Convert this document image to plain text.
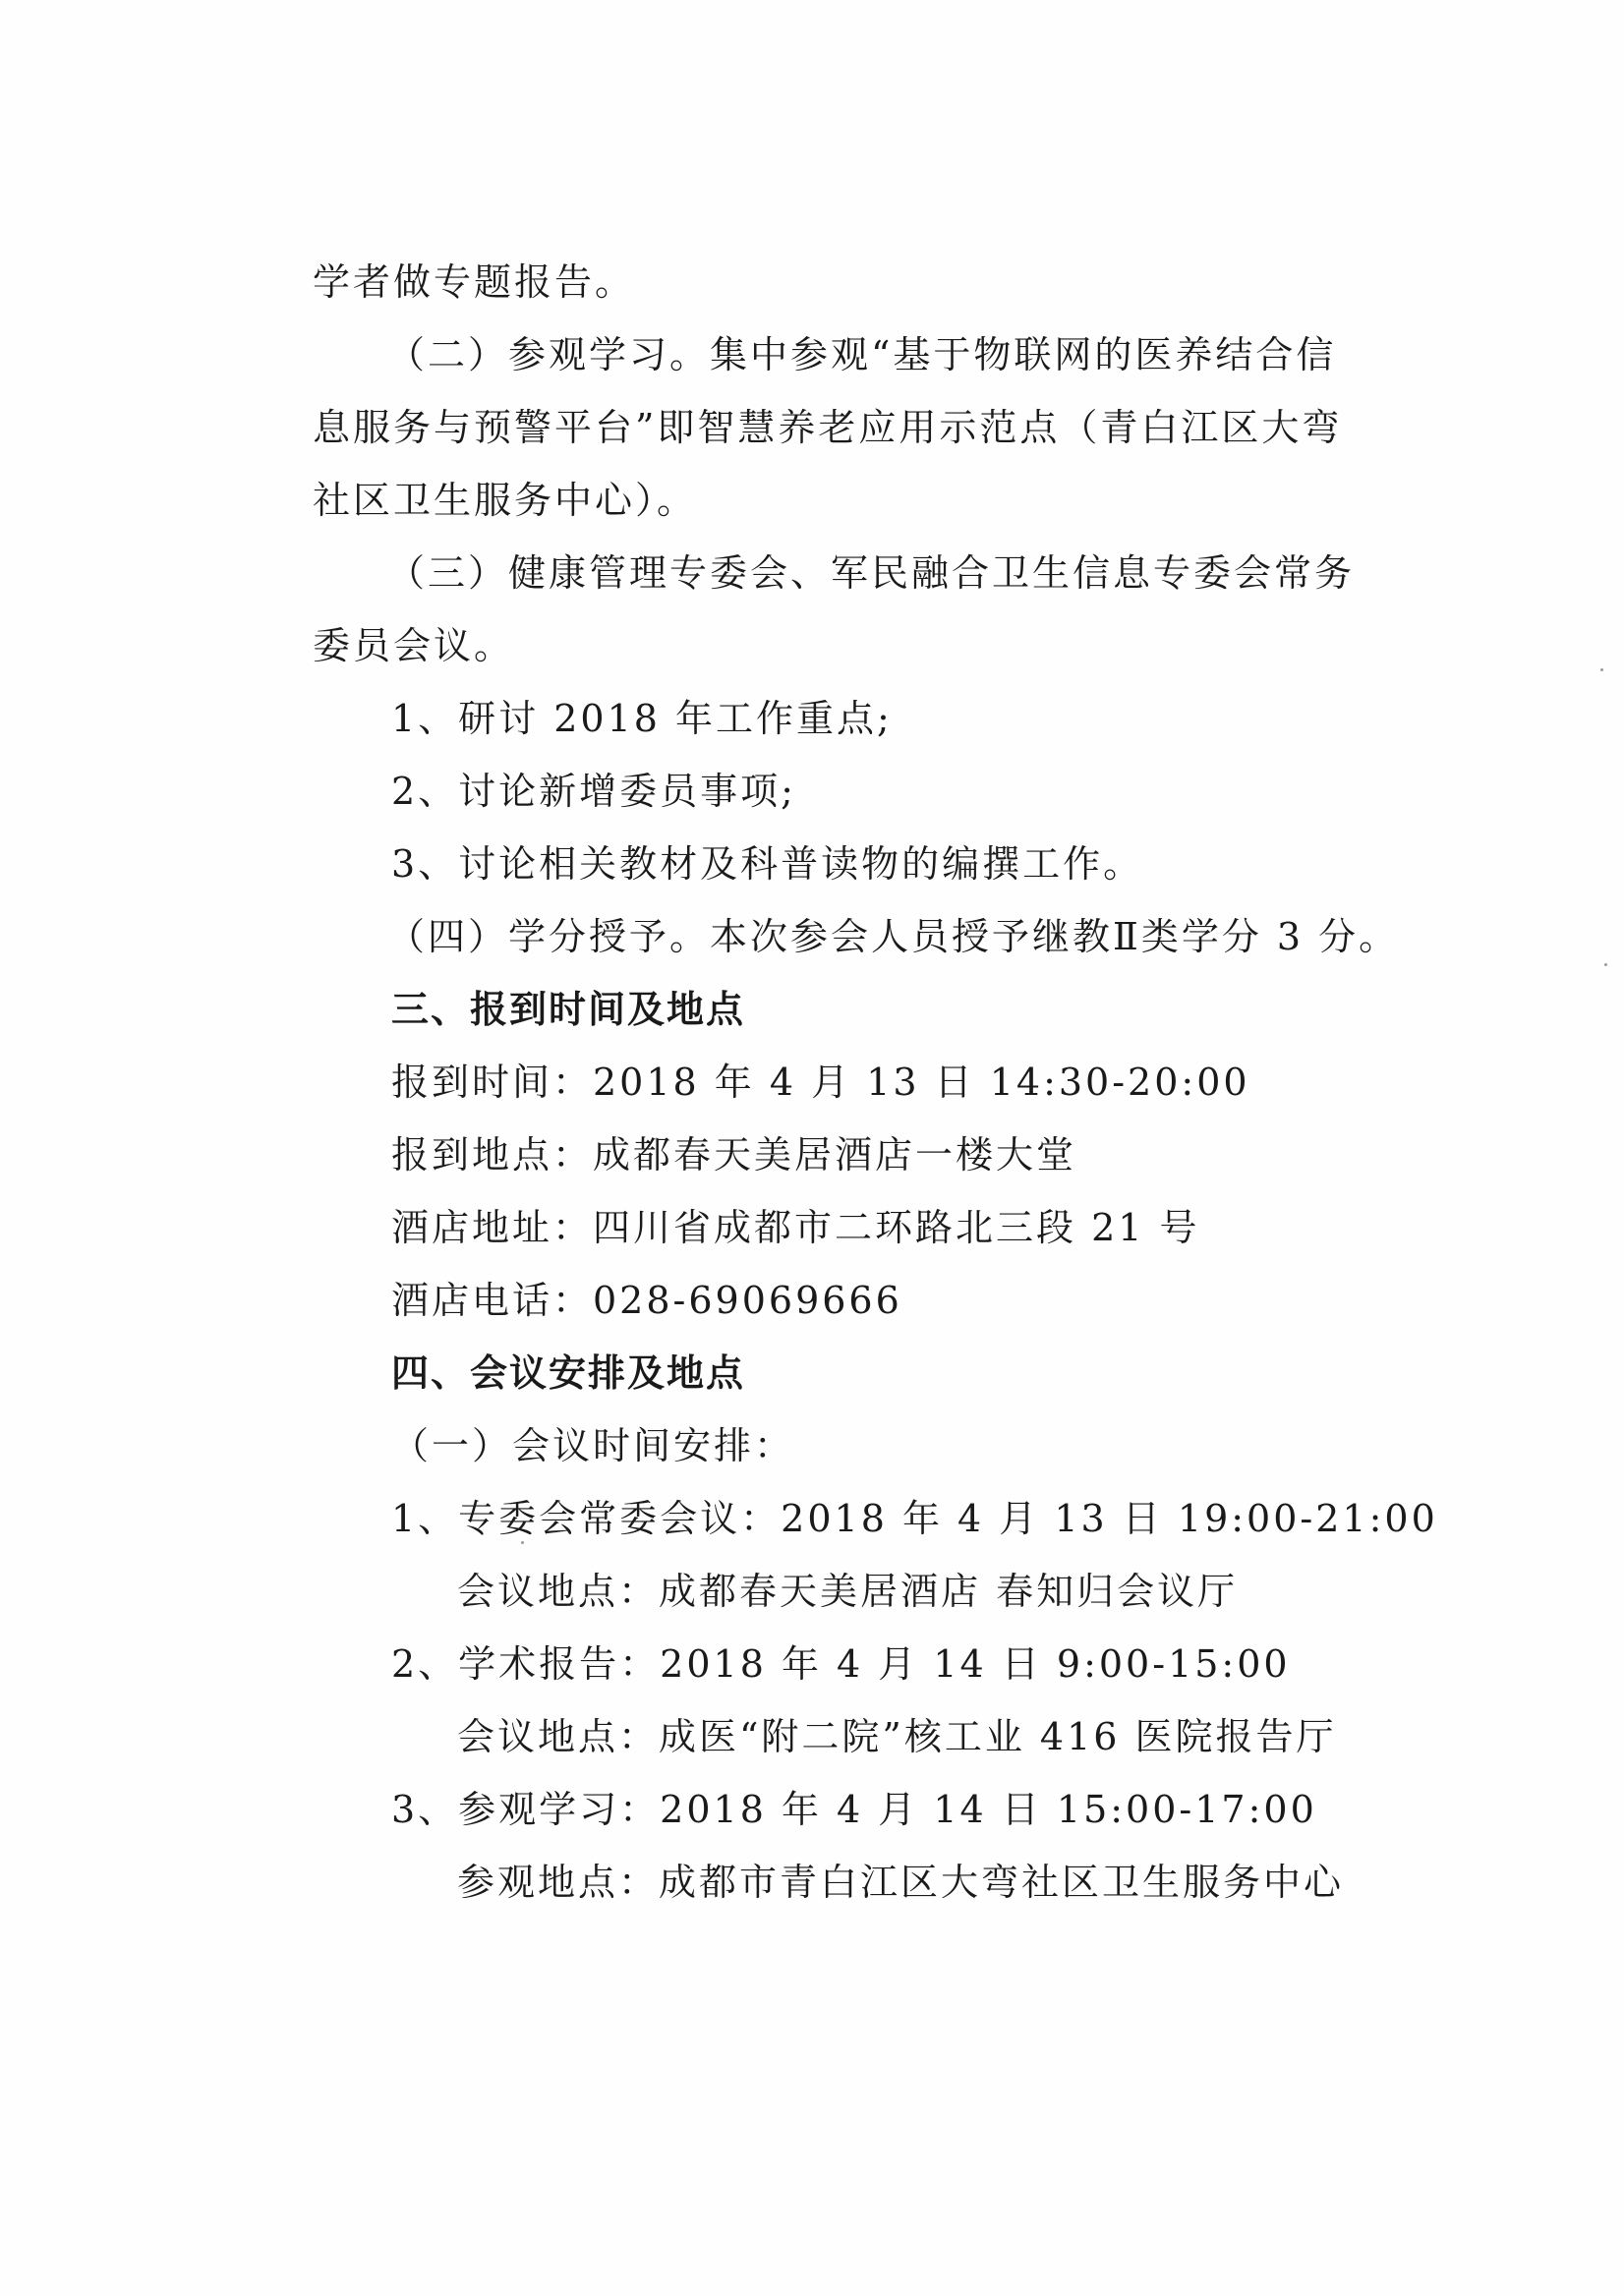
学者做专题报告。
（二）参观学习。集中参观“基于物联网的医养结合信
息服务与预警平台”即智慧养老应用示范点（青白江区大弯
社区卫生服务中心）。
（三）健康管理专委会、军民融合卫生信息专委会常务
委员会议。
1、研讨 2018 年工作重点;
2、讨论新增委员事项;
3、讨论相关教材及科普读物的编撰工作。
（四）学分授予。本次参会人员授予继教Ⅱ类学分 3 分。
三、报到时间及地点
报到时间：2018 年 4 月 13 日 14:30-20:00
报到地点：成都春天美居酒店一楼大堂
酒店地址：四川省成都市二环路北三段 21 号
酒店电话：028-69069666
四、会议安排及地点
（一）会议时间安排：
1、专委会常委会议：2018 年 4 月 13 日 19:00-21:00
会议地点：成都春天美居酒店 春知归会议厅
2、学术报告：2018 年 4 月 14 日 9:00-15:00
会议地点：成医“附二院”核工业 416 医院报告厅
3、参观学习：2018 年 4 月 14 日 15:00-17:00
参观地点：成都市青白江区大弯社区卫生服务中心
